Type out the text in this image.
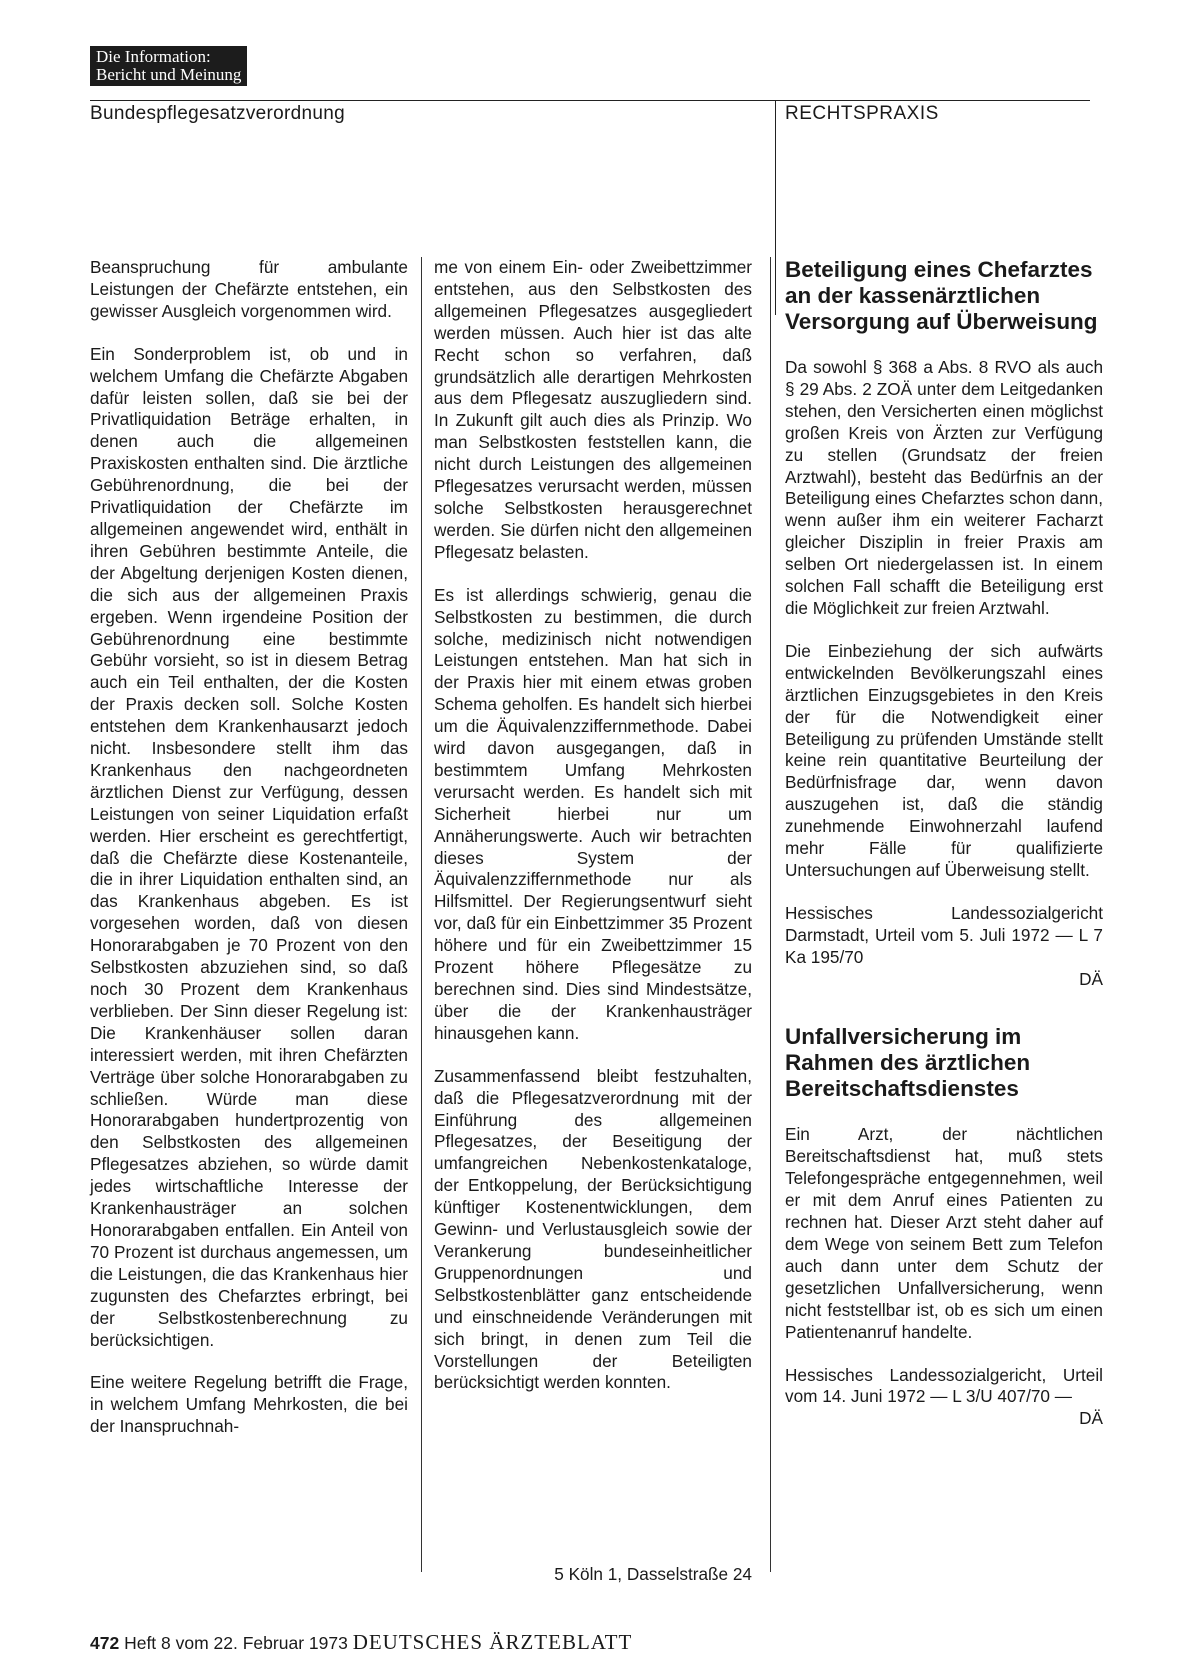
Die Information:
Bericht und Meinung
Bundespflegesatzverordnung	RECHTSPRAXIS

Beanspruchung für ambulante Leistungen der Chefärzte entstehen, ein gewisser Ausgleich vorgenommen wird.

Ein Sonderproblem ist, ob und in welchem Umfang die Chefärzte Abgaben dafür leisten sollen, daß sie bei der Privatliquidation Beträge erhalten, in denen auch die allgemeinen Praxiskosten enthalten sind. Die ärztliche Gebührenordnung, die bei der Privatliquidation der Chefärzte im allgemeinen angewendet wird, enthält in ihren Gebühren bestimmte Anteile, die der Abgeltung derjenigen Kosten dienen, die sich aus der allgemeinen Praxis ergeben. Wenn irgendeine Position der Gebührenordnung eine bestimmte Gebühr vorsieht, so ist in diesem Betrag auch ein Teil enthalten, der die Kosten der Praxis decken soll. Solche Kosten entstehen dem Krankenhausarzt jedoch nicht. Insbesondere stellt ihm das Krankenhaus den nachgeordneten ärztlichen Dienst zur Verfügung, dessen Leistungen von seiner Liquidation erfaßt werden. Hier erscheint es gerechtfertigt, daß die Chefärzte diese Kostenanteile, die in ihrer Liquidation enthalten sind, an das Krankenhaus abgeben. Es ist vorgesehen worden, daß von diesen Honorarabgaben je 70 Prozent von den Selbstkosten abzuziehen sind, so daß noch 30 Prozent dem Krankenhaus verblieben. Der Sinn dieser Regelung ist: Die Krankenhäuser sollen daran interessiert werden, mit ihren Chefärzten Verträge über solche Honorarabgaben zu schließen. Würde man diese Honorarabgaben hundertprozentig von den Selbstkosten des allgemeinen Pflegesatzes abziehen, so würde damit jedes wirtschaftliche Interesse der Krankenhausträger an solchen Honorarabgaben entfallen. Ein Anteil von 70 Prozent ist durchaus angemessen, um die Leistungen, die das Krankenhaus hier zugunsten des Chefarztes erbringt, bei der Selbstkostenberechnung zu berücksichtigen.

Eine weitere Regelung betrifft die Frage, in welchem Umfang Mehrkosten, die bei der Inanspruchnah-

me von einem Ein- oder Zweibettzimmer entstehen, aus den Selbstkosten des allgemeinen Pflegesatzes ausgegliedert werden müssen. Auch hier ist das alte Recht schon so verfahren, daß grundsätzlich alle derartigen Mehrkosten aus dem Pflegesatz auszugliedern sind. In Zukunft gilt auch dies als Prinzip. Wo man Selbstkosten feststellen kann, die nicht durch Leistungen des allgemeinen Pflegesatzes verursacht werden, müssen solche Selbstkosten herausgerechnet werden. Sie dürfen nicht den allgemeinen Pflegesatz belasten.

Es ist allerdings schwierig, genau die Selbstkosten zu bestimmen, die durch solche, medizinisch nicht notwendigen Leistungen entstehen. Man hat sich in der Praxis hier mit einem etwas groben Schema geholfen. Es handelt sich hierbei um die Äquivalenzziffernmethode. Dabei wird davon ausgegangen, daß in bestimmtem Umfang Mehrkosten verursacht werden. Es handelt sich mit Sicherheit hierbei nur um Annäherungswerte. Auch wir betrachten dieses System der Äquivalenzziffernmethode nur als Hilfsmittel. Der Regierungsentwurf sieht vor, daß für ein Einbettzimmer 35 Prozent höhere und für ein Zweibettzimmer 15 Prozent höhere Pflegesätze zu berechnen sind. Dies sind Mindestsätze, über die der Krankenhausträger hinausgehen kann.

Zusammenfassend bleibt festzuhalten, daß die Pflegesatzverordnung mit der Einführung des allgemeinen Pflegesatzes, der Beseitigung der umfangreichen Nebenkostenkataloge, der Entkoppelung, der Berücksichtigung künftiger Kostenentwicklungen, dem Gewinn- und Verlustausgleich sowie der Verankerung bundeseinheitlicher Gruppenordnungen und Selbstkostenblätter ganz entscheidende und einschneidende Veränderungen mit sich bringt, in denen zum Teil die Vorstellungen der Beteiligten berücksichtigt werden konnten.

5 Köln 1, Dasselstraße 24
Beteiligung eines Chefarztes an der kassenärztlichen Versorgung auf Überweisung

Da sowohl § 368 a Abs. 8 RVO als auch § 29 Abs. 2 ZOÄ unter dem Leitgedanken stehen, den Versicherten einen möglichst großen Kreis von Ärzten zur Verfügung zu stellen (Grundsatz der freien Arztwahl), besteht das Bedürfnis an der Beteiligung eines Chefarztes schon dann, wenn außer ihm ein weiterer Facharzt gleicher Disziplin in freier Praxis am selben Ort niedergelassen ist. In einem solchen Fall schafft die Beteiligung erst die Möglichkeit zur freien Arztwahl.

Die Einbeziehung der sich aufwärts entwickelnden Bevölkerungszahl eines ärztlichen Einzugsgebietes in den Kreis der für die Notwendigkeit einer Beteiligung zu prüfenden Umstände stellt keine rein quantitative Beurteilung der Bedürfnisfrage dar, wenn davon auszugehen ist, daß die ständig zunehmende Einwohnerzahl laufend mehr Fälle für qualifizierte Untersuchungen auf Überweisung stellt.

Hessisches Landessozialgericht Darmstadt, Urteil vom 5. Juli 1972 — L 7 Ka 195/70
DÄ

Unfallversicherung im Rahmen des ärztlichen Bereitschaftsdienstes

Ein Arzt, der nächtlichen Bereitschaftsdienst hat, muß stets Telefongespräche entgegennehmen, weil er mit dem Anruf eines Patienten zu rechnen hat. Dieser Arzt steht daher auf dem Wege von seinem Bett zum Telefon auch dann unter dem Schutz der gesetzlichen Unfallversicherung, wenn nicht feststellbar ist, ob es sich um einen Patientenanruf handelte.

Hessisches Landessozialgericht, Urteil vom 14. Juni 1972 — L 3/U 407/70 —
DÄ

472 Heft 8 vom 22. Februar 1973 DEUTSCHES ÄRZTEBLATT
